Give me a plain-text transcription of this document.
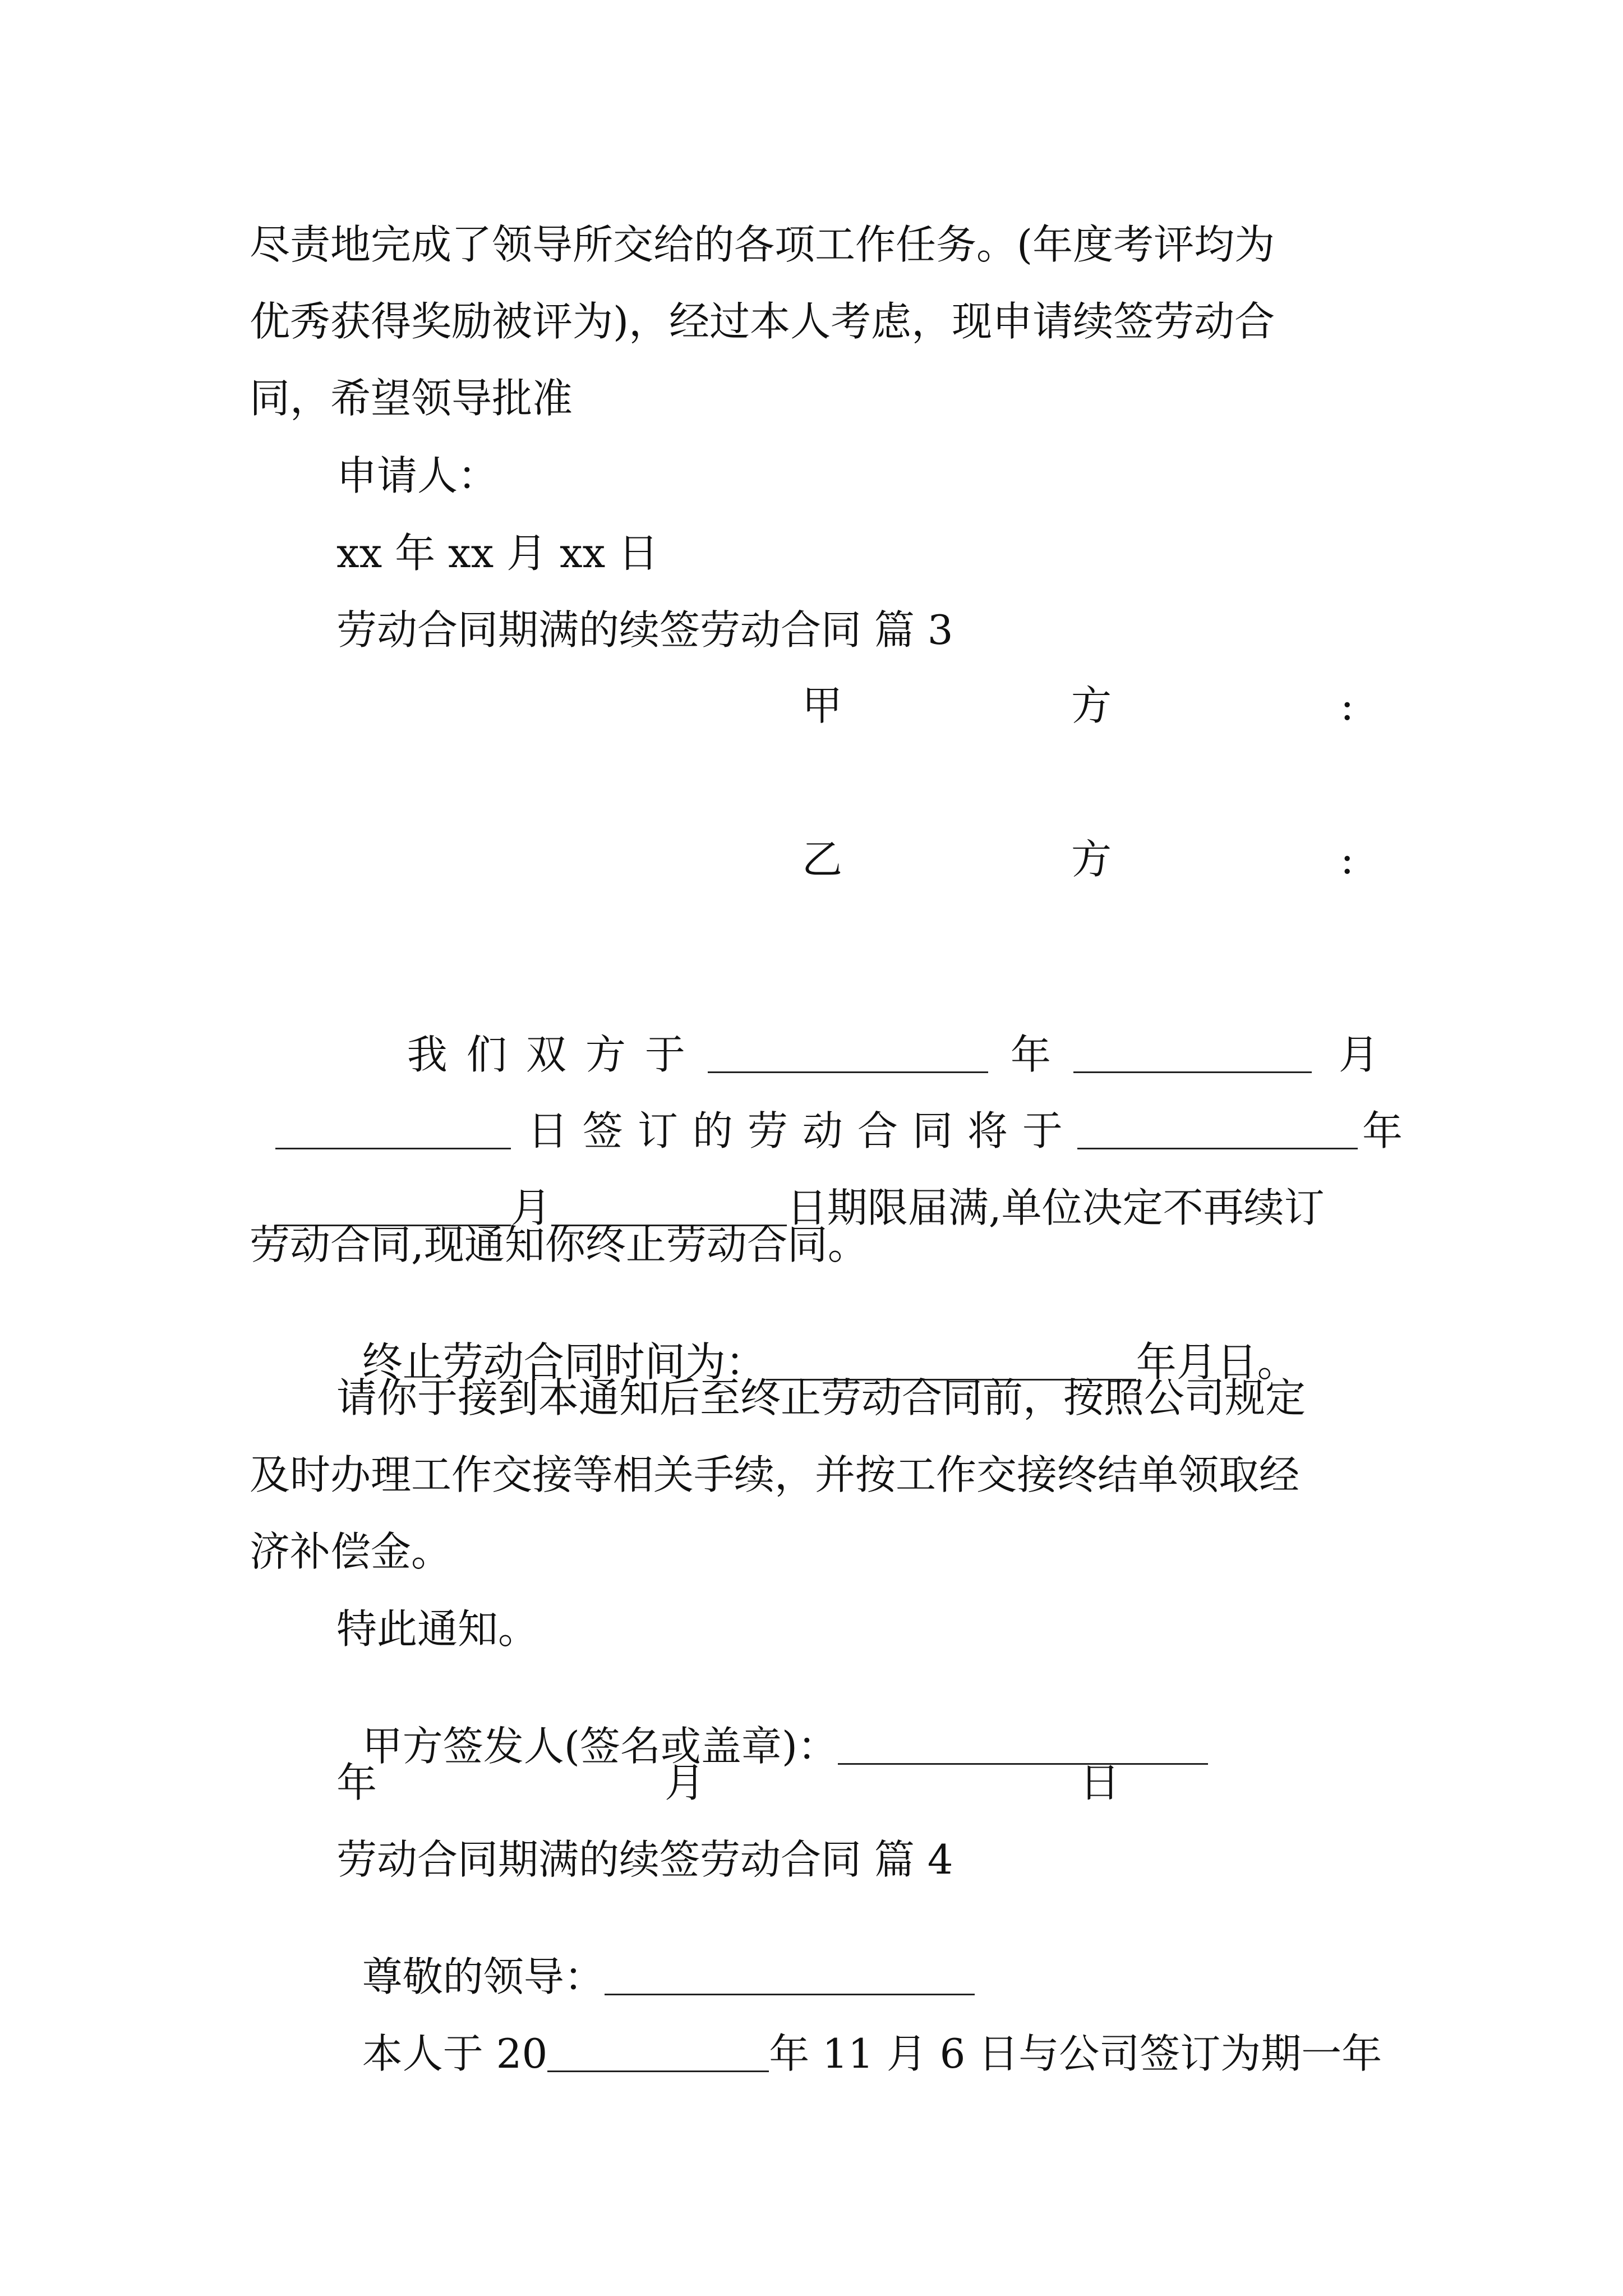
尽责地完成了领导所交给的各项工作任务。(年度考评均为
优秀获得奖励被评为)，经过本人考虑，现申请续签劳动合
同，希望领导批准
申请人：
xx 年 xx 月 xx 日
劳动合同期满的续签劳动合同 篇 3
甲	方	:
乙	方	:

我 们 双 方 于	年	月

日 签 订 的 劳 动 合 同 将 于	年

月	日期限届满,单位决定不再续订

劳动合同,现通知你终止劳动合同。

终止劳动合同时间为：	年月日。

请你于接到本通知后至终止劳动合同前，按照公司规定
及时办理工作交接等相关手续，并按工作交接终结单领取经
济补偿金。
特此通知。

甲方签发人(签名或盖章)：

年	月	日
劳动合同期满的续签劳动合同 篇 4

尊敬的领导：

本人于 20	年 11 月 6 日与公司签订为期一年
